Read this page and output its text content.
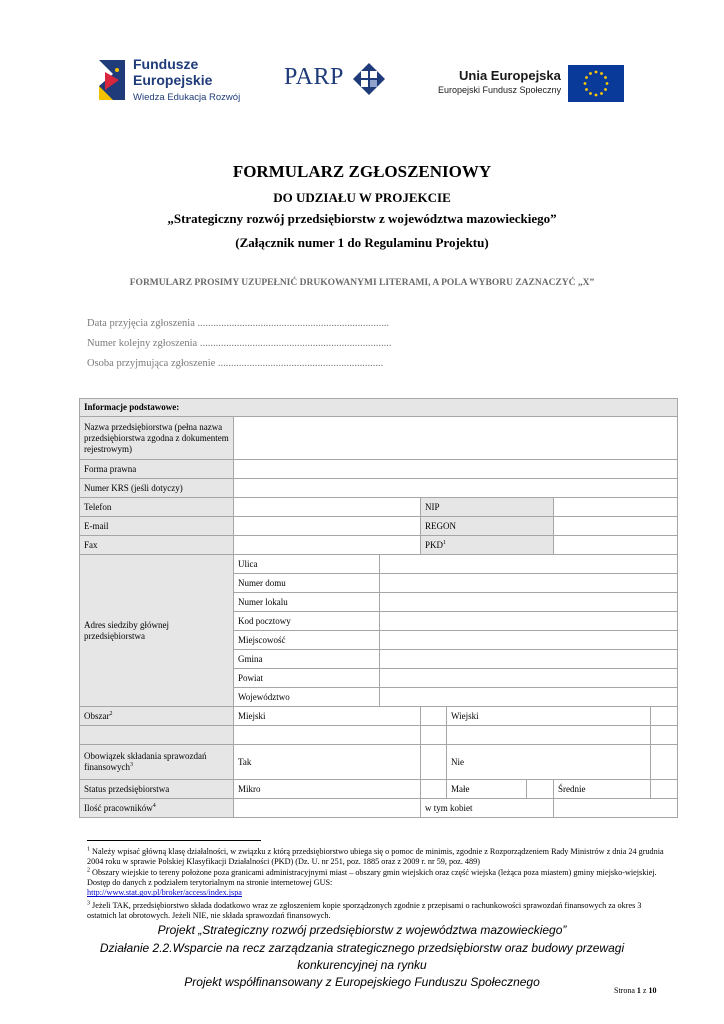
Fundusze
Europejskie
Wiedza Edukacja Rozwój
PARP	Unia Europejska
Europejski Fundusz Społeczny
FORMULARZ ZGŁOSZENIOWY
DO UDZIAŁU W PROJEKCIE
„Strategiczny rozwój przedsiębiorstw z województwa mazowieckiego”
(Załącznik numer 1 do Regulaminu Projektu)
FORMULARZ PROSIMY UZUPEŁNIĆ DRUKOWANYMI LITERAMI, A POLA WYBORU ZAZNACZYĆ „X”
Data przyjęcia zgłoszenia .........................................................................
Numer kolejny zgłoszenia .........................................................................
Osoba przyjmująca zgłoszenie ...............................................................
Informacje podstawowe:							
Nazwa przedsiębiorstwa (pełna nazwa przedsiębiorstwa zgodna z dokumentem rejestrowym)							
Forma prawna							
Numer KRS (jeśli dotyczy)							
Telefon			NIP				
E-mail			REGON				
Fax			PKD$^1$	
Adres siedziby głównej przedsiębiorstwa	Ulica						
	Numer domu						
	Numer lokalu						
	Kod pocztowy						
	Miejscowość						
	Gmina						
	Powiat						
	Województwo						
Obszar$^2$	Miejski			Wiejski			

Obowiązek składania sprawozdań finansowych$^3$	Tak			Nie			
Status przedsiębiorstwa	Mikro			Małe		Średnie	
Ilość pracowników$^4$			w tym kobiet				
$^1$ Należy wpisać główną klasę działalności, w związku z którą przedsiębiorstwo ubiega się o pomoc de minimis, zgodnie z Rozporządzeniem Rady Ministrów z dnia 24 grudnia 2004 roku w sprawie Polskiej Klasyfikacji Działalności (PKD) (Dz. U. nr 251, poz. 1885 oraz z 2009 r. nr 59, poz. 489)
$^2$ Obszary wiejskie to tereny położone poza granicami administracyjnymi miast – obszary gmin wiejskich oraz część wiejska (leżąca poza miastem) gminy miejsko-wiejskiej. Dostęp do danych z podziałem terytorialnym na stronie internetowej GUS:
http://www.stat.gov.pl/broker/access/index.jspa
$^3$ Jeżeli TAK, przedsiębiorstwo składa dodatkowo wraz ze zgłoszeniem kopie sporządzonych zgodnie z przepisami o rachunkowości sprawozdań finansowych za okres 3 ostatnich lat obrotowych. Jeżeli NIE, nie składa sprawozdań finansowych.
Projekt „Strategiczny rozwój przedsiębiorstw z województwa mazowieckiego”
Działanie 2.2.Wsparcie na recz zarządzania strategicznego przedsiębiorstw oraz budowy przewagi
konkurencyjnej na rynku
Projekt współfinansowany z Europejskiego Funduszu Społecznego
Strona 1 z 10
